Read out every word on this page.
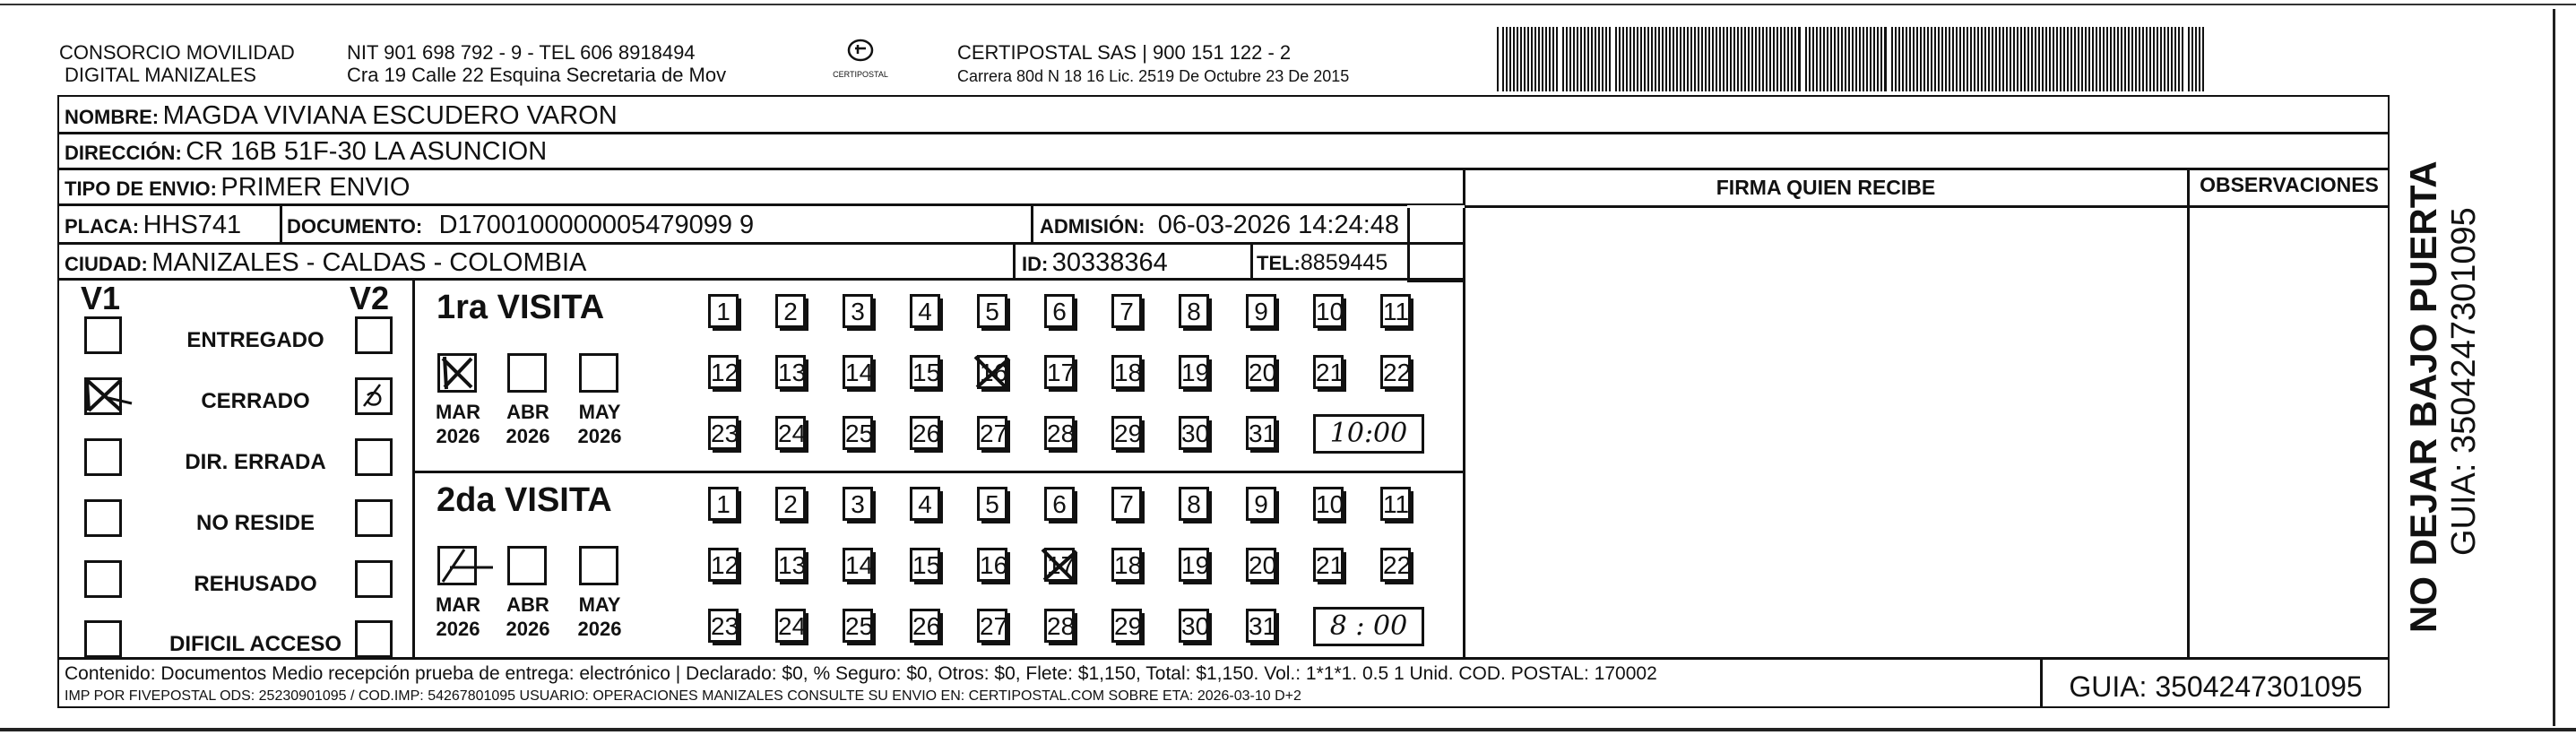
CONSORCIO MOVILIDAD
DIGITAL MANIZALES
NIT 901 698 792 - 9 - TEL 606 8918494
Cra 19 Calle 22 Esquina Secretaria de Mov	CERTIPOSTAL
CERTIPOSTAL SAS | 900 151 122 - 2
Carrera 80d N 18 16 Lic. 2519 De Octubre 23 De 2015
NOMBRE: MAGDA VIVIANA ESCUDERO VARON
DIRECCIÓN: CR 16B 51F-30 LA ASUNCION
TIPO DE ENVIO: PRIMER ENVIO
PLACA: HHS741 DOCUMENTO: D1700100000005479099 9	ADMISIÓN: 06-03-2026 14:24:48
CIUDAD: MANIZALES - CALDAS - COLOMBIA	ID: 30338364	TEL:8859445
FIRMA QUIEN RECIBE	OBSERVACIONES
V1	V2
ENTREGADO
CERRADO
DIR. ERRADA
NO RESIDE
REHUSADO
DIFICIL ACCESO
1ra VISITA
MAR
2026
ABR
2026
MAY
2026
1	2	3	4	5	6	7	8	9	10 11
12 13 14 15 16 17 18 19 20 21 22
23 24 25 26 27 28 29 30 31	10:00
2da VISITA
MAR
2026
ABR
2026
MAY
2026
1	2	3	4	5	6	7	8	9	10 11
12 13 14 15 16 17 18 19 20 21 22
23 24 25 26 27 28 29 30 31	8 : 00
Contenido: Documentos Medio recepción prueba de entrega: electrónico | Declarado: $0, % Seguro: $0, Otros: $0, Flete: $1,150, Total: $1,150. Vol.: 1*1*1. 0.5 1 Unid. COD. POSTAL: 170002
IMP POR FIVEPOSTAL ODS: 25230901095 / COD.IMP: 54267801095 USUARIO: OPERACIONES MANIZALES CONSULTE SU ENVIO EN: CERTIPOSTAL.COM SOBRE ETA: 2026-03-10 D+2	GUIA: 3504247301095
NO DEJAR BAJO PUERTA GUIA: 3504247301095
